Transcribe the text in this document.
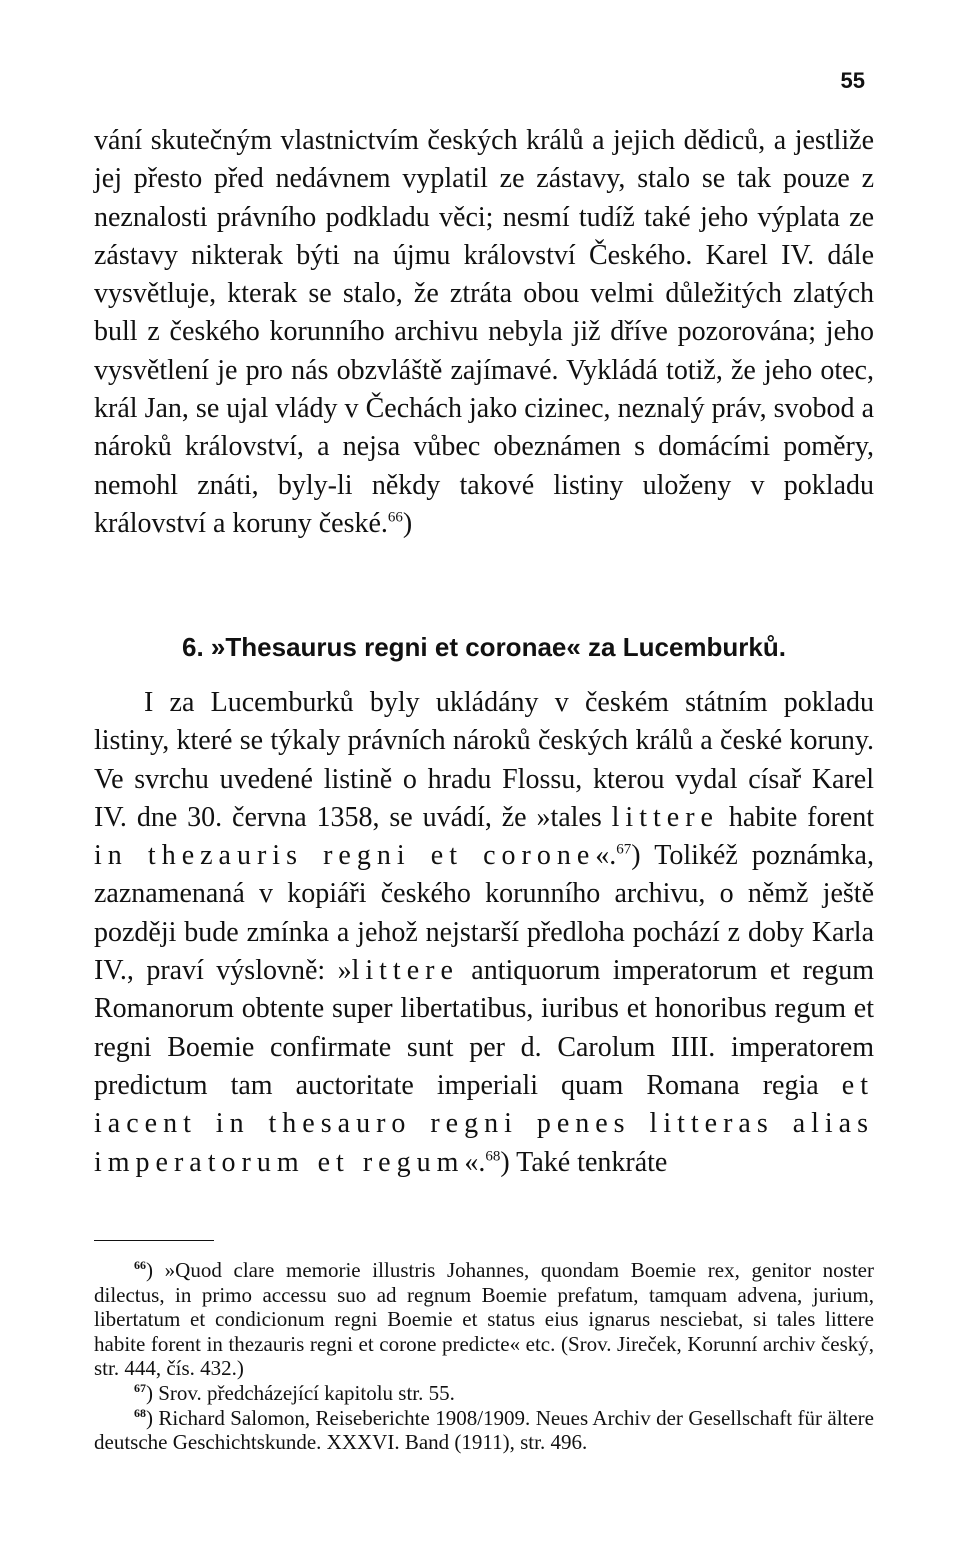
55

vání skutečným vlastnictvím českých králů a jejich dědiců, a jestliže jej přesto před nedávnem vyplatil ze zástavy, stalo se tak pouze z neznalosti právního podkladu věci; nesmí tudíž také jeho výplata ze zástavy nikterak býti na újmu království Českého. Karel IV. dále vysvětluje, kterak se stalo, že ztráta obou velmi důležitých zlatých bull z českého korunního archivu nebyla již dříve pozorována; jeho vysvětlení je pro nás obzvláště zajímavé. Vykládá totiž, že jeho otec, král Jan, se ujal vlády v Čechách jako cizinec, neznalý práv, svobod a nároků království, a nejsa vůbec obeznámen s domácími poměry, nemohl znáti, byly-li někdy takové listiny uloženy v pokladu království a koruny české.$^{66}$)

6. »Thesaurus regni et coronae« za Lucemburků.

I za Lucemburků byly ukládány v českém státním pokladu listiny, které se týkaly právních nároků českých králů a české koruny. Ve svrchu uvedené listině o hradu Flossu, kterou vydal císař Karel IV. dne 30. června 1358, se uvádí, že »tales littere habite forent in thezauris regni et corone«.$^{67}$) Tolikéž poznámka, zaznamenaná v kopiáři českého korunního archivu, o němž ještě později bude zmínka a jehož nejstarší předloha pochází z doby Karla IV., praví výslovně: »littere antiquorum imperatorum et regum Romanorum obtente super libertatibus, iuribus et honoribus regum et regni Boemie confirmate sunt per d. Carolum IIII. imperatorem predictum tam auctoritate imperiali quam Romana regia et iacent in thesauro regni penes litteras alias imperatorum et regum«.$^{68}$) Také tenkráte

$^{66}$) »Quod clare memorie illustris Johannes, quondam Boemie rex, genitor noster dilectus, in primo accessu suo ad regnum Boemie prefatum, tamquam advena, jurium, libertatum et condicionum regni Boemie et status eius ignarus nesciebat, si tales littere habite forent in thezauris regni et corone predicte« etc. (Srov. Jireček, Korunní archiv český, str. 444, čís. 432.)

$^{67}$) Srov. předcházející kapitolu str. 55.

$^{68}$) Richard Salomon, Reiseberichte 1908/1909. Neues Archiv der Gesellschaft für ältere deutsche Geschichtskunde. XXXVI. Band (1911), str. 496.
